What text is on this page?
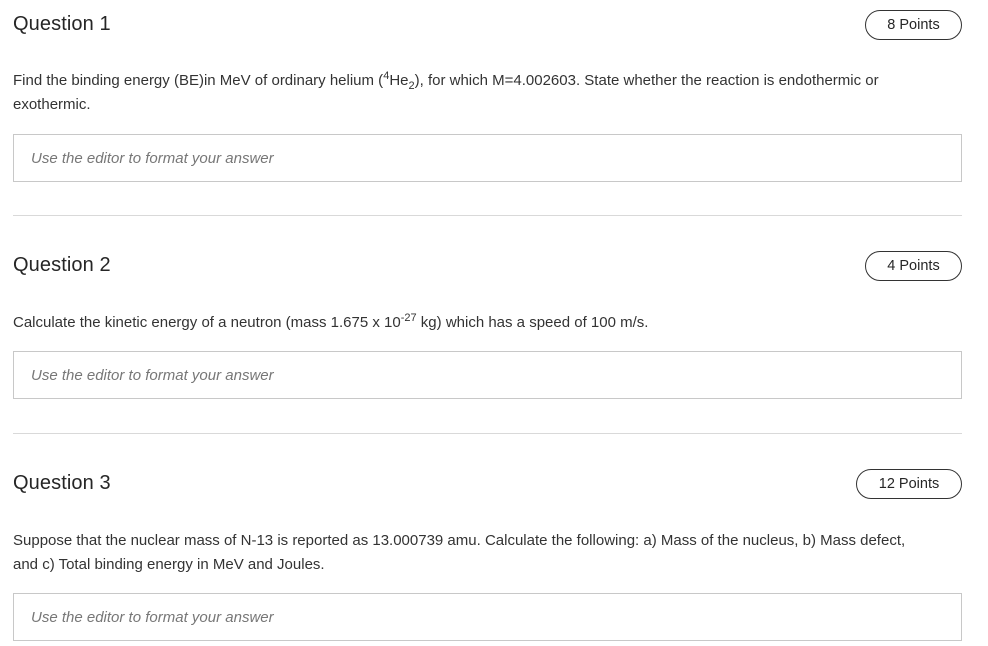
Question 1	8 Points
Find the binding energy (BE)in MeV of ordinary helium $(^4He_2)$, for which M=4.002603. State whether the reaction is endothermic or exothermic.
Use the editor to format your answer
Question 2	4 Points
Calculate the kinetic energy of a neutron (mass 1.675 x $10^{-27}$ kg) which has a speed of 100 m/s.
Use the editor to format your answer
Question 3	12 Points
Suppose that the nuclear mass of N-13 is reported as 13.000739 amu. Calculate the following: a) Mass of the nucleus, b) Mass defect, and c) Total binding energy in MeV and Joules.
Use the editor to format your answer
